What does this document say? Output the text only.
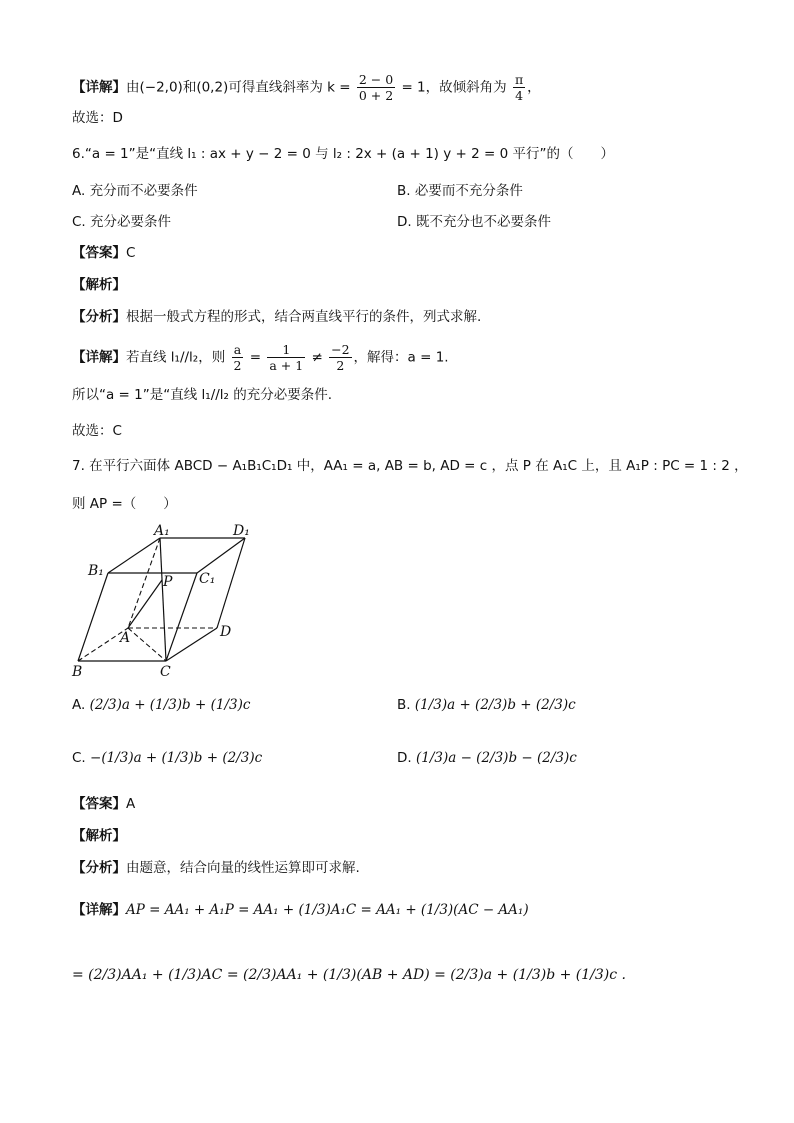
【详解】由(−2,0)和(0,2)可得直线斜率为 $k = \frac{2 - 0}{0 + 2} = 1$，故倾斜角为 $\frac{\pi}{4}$ ，
故选：D
6.“a = 1”是“直线 l₁ : ax + y − 2 = 0 与 l₂ : 2x + (a + 1) y + 2 = 0 平行”的（　　）
A. 充分而不必要条件	B. 必要而不充分条件
C. 充分必要条件	D. 既不充分也不必要条件
【答案】C
【解析】
【分析】根据一般式方程的形式，结合两直线平行的条件，列式求解.
【详解】若直线 l₁//l₂，则 $\frac{a}{2} = \frac{1}{a + 1} \ne \frac{-2}{2}$ ，解得：a = 1.
所以“a = 1”是“直线 l₁//l₂ 的充分必要条件.
故选：C
7. 在平行六面体 ABCD − A₁B₁C₁D₁ 中，AA₁ = a, AB = b, AD = c ，点 P 在 A₁C 上，且 A₁P : PC = 1 : 2 ，
则 AP =（　　）
A₁	D₁
B₁	C₁
P
A	D
B	C
A. (2/3)a + (1/3)b + (1/3)c	B. (1/3)a + (2/3)b + (2/3)c
C. −(1/3)a + (1/3)b + (2/3)c	D. (1/3)a − (2/3)b − (2/3)c
【答案】A
【解析】
【分析】由题意，结合向量的线性运算即可求解.
【详解】AP = AA₁ + A₁P = AA₁ + (1/3)A₁C = AA₁ + (1/3)(AC − AA₁)
= (2/3)AA₁ + (1/3)AC = (2/3)AA₁ + (1/3)(AB + AD) = (2/3)a + (1/3)b + (1/3)c .
